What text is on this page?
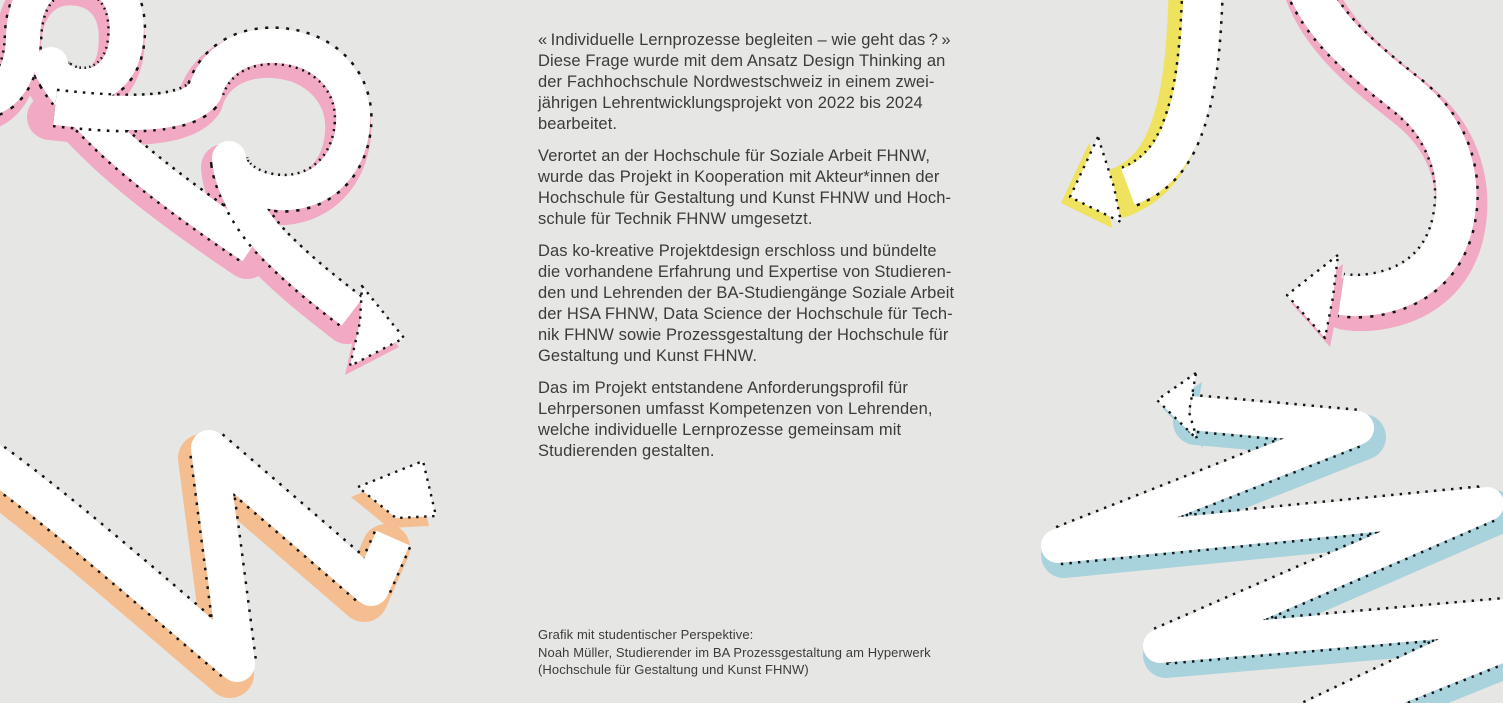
« Individuelle Lernprozesse begleiten – wie geht das ? »
Diese Frage wurde mit dem Ansatz Design Thinking an
der Fachhochschule Nordwestschweiz in einem zwei-
jährigen Lehrentwicklungsprojekt von 2022 bis 2024
bearbeitet.

Verortet an der Hochschule für Soziale Arbeit FHNW,
wurde das Projekt in Kooperation mit Akteur*innen der
Hochschule für Gestaltung und Kunst FHNW und Hoch-
schule für Technik FHNW umgesetzt.

Das ko-kreative Projektdesign erschloss und bündelte
die vorhandene Erfahrung und Expertise von Studieren-
den und Lehrenden der BA-Studiengänge Soziale Arbeit
der HSA FHNW, Data Science der Hochschule für Tech-
nik FHNW sowie Prozessgestaltung der Hochschule für
Gestaltung und Kunst FHNW.

Das im Projekt entstandene Anforderungsprofil für
Lehrpersonen umfasst Kompetenzen von Lehrenden,
welche individuelle Lernprozesse gemeinsam mit
Studierenden gestalten.

Grafik mit studentischer Perspektive:
Noah Müller, Studierender im BA Prozessgestaltung am Hyperwerk
(Hochschule für Gestaltung und Kunst FHNW)
